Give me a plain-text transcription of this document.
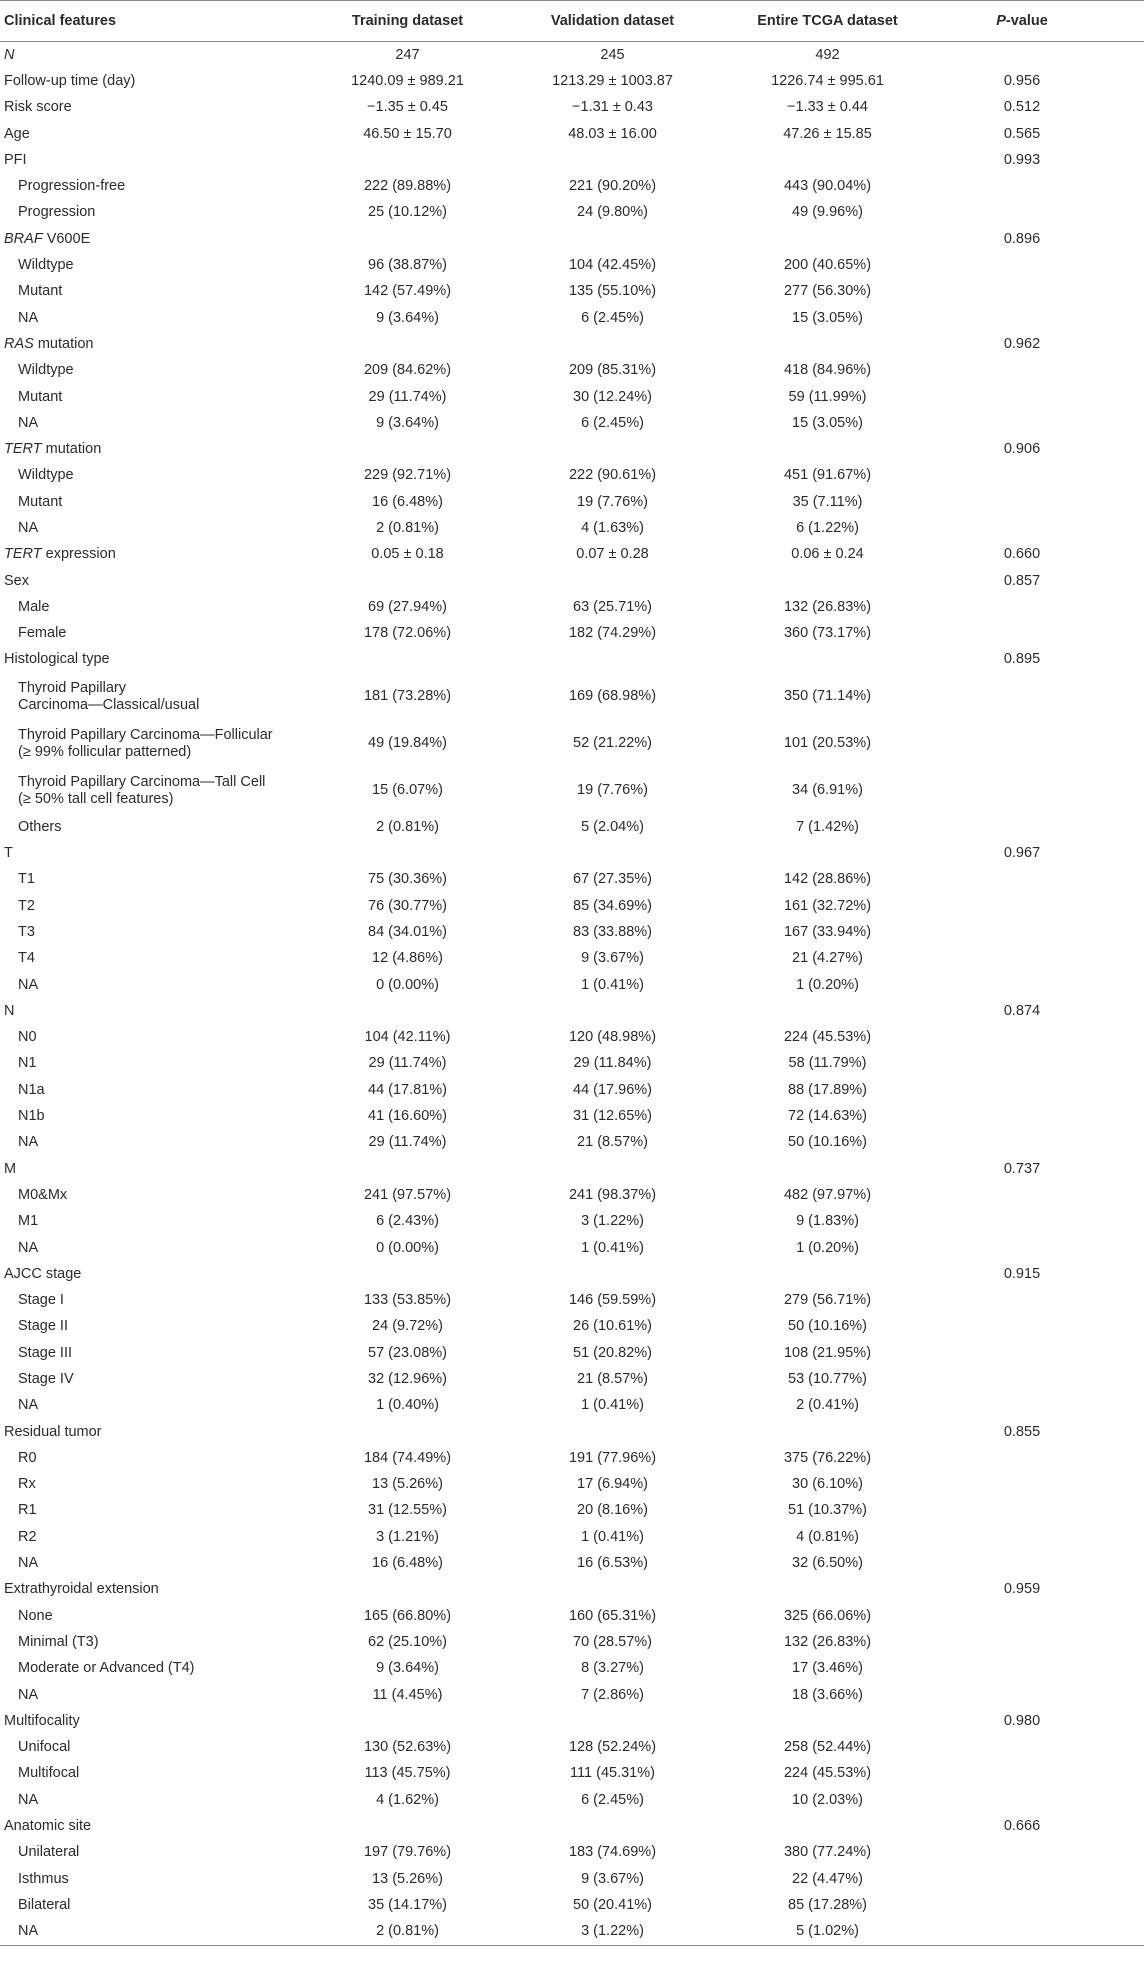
Clinical features	Training dataset	Validation dataset	Entire TCGA dataset	P-value
N	247	245	492	
Follow-up time (day)	1240.09 ± 989.21	1213.29 ± 1003.87	1226.74 ± 995.61	0.956
Risk score	−1.35 ± 0.45	−1.31 ± 0.43	−1.33 ± 0.44	0.512
Age	46.50 ± 15.70	48.03 ± 16.00	47.26 ± 15.85	0.565
PFI				0.993
Progression-free	222 (89.88%)	221 (90.20%)	443 (90.04%)	
Progression	25 (10.12%)	24 (9.80%)	49 (9.96%)	
BRAF V600E				0.896
Wildtype	96 (38.87%)	104 (42.45%)	200 (40.65%)	
Mutant	142 (57.49%)	135 (55.10%)	277 (56.30%)	
NA	9 (3.64%)	6 (2.45%)	15 (3.05%)	
RAS mutation				0.962
Wildtype	209 (84.62%)	209 (85.31%)	418 (84.96%)	
Mutant	29 (11.74%)	30 (12.24%)	59 (11.99%)	
NA	9 (3.64%)	6 (2.45%)	15 (3.05%)	
TERT mutation				0.906
Wildtype	229 (92.71%)	222 (90.61%)	451 (91.67%)	
Mutant	16 (6.48%)	19 (7.76%)	35 (7.11%)	
NA	2 (0.81%)	4 (1.63%)	6 (1.22%)	
TERT expression	0.05 ± 0.18	0.07 ± 0.28	0.06 ± 0.24	0.660
Sex				0.857
Male	69 (27.94%)	63 (25.71%)	132 (26.83%)	
Female	178 (72.06%)	182 (74.29%)	360 (73.17%)	
Histological type				0.895
Thyroid Papillary
Carcinoma—Classical/usual	181 (73.28%)	169 (68.98%)	350 (71.14%)	
Thyroid Papillary Carcinoma—Follicular
(≥ 99% follicular patterned)	49 (19.84%)	52 (21.22%)	101 (20.53%)	
Thyroid Papillary Carcinoma—Tall Cell
(≥ 50% tall cell features)	15 (6.07%)	19 (7.76%)	34 (6.91%)	
Others	2 (0.81%)	5 (2.04%)	7 (1.42%)	
T				0.967
T1	75 (30.36%)	67 (27.35%)	142 (28.86%)	
T2	76 (30.77%)	85 (34.69%)	161 (32.72%)	
T3	84 (34.01%)	83 (33.88%)	167 (33.94%)	
T4	12 (4.86%)	9 (3.67%)	21 (4.27%)	
NA	0 (0.00%)	1 (0.41%)	1 (0.20%)	
N				0.874
N0	104 (42.11%)	120 (48.98%)	224 (45.53%)	
N1	29 (11.74%)	29 (11.84%)	58 (11.79%)	
N1a	44 (17.81%)	44 (17.96%)	88 (17.89%)	
N1b	41 (16.60%)	31 (12.65%)	72 (14.63%)	
NA	29 (11.74%)	21 (8.57%)	50 (10.16%)	
M				0.737
M0&Mx	241 (97.57%)	241 (98.37%)	482 (97.97%)	
M1	6 (2.43%)	3 (1.22%)	9 (1.83%)	
NA	0 (0.00%)	1 (0.41%)	1 (0.20%)	
AJCC stage				0.915
Stage I	133 (53.85%)	146 (59.59%)	279 (56.71%)	
Stage II	24 (9.72%)	26 (10.61%)	50 (10.16%)	
Stage III	57 (23.08%)	51 (20.82%)	108 (21.95%)	
Stage IV	32 (12.96%)	21 (8.57%)	53 (10.77%)	
NA	1 (0.40%)	1 (0.41%)	2 (0.41%)	
Residual tumor				0.855
R0	184 (74.49%)	191 (77.96%)	375 (76.22%)	
Rx	13 (5.26%)	17 (6.94%)	30 (6.10%)	
R1	31 (12.55%)	20 (8.16%)	51 (10.37%)	
R2	3 (1.21%)	1 (0.41%)	4 (0.81%)	
NA	16 (6.48%)	16 (6.53%)	32 (6.50%)	
Extrathyroidal extension				0.959
None	165 (66.80%)	160 (65.31%)	325 (66.06%)	
Minimal (T3)	62 (25.10%)	70 (28.57%)	132 (26.83%)	
Moderate or Advanced (T4)	9 (3.64%)	8 (3.27%)	17 (3.46%)	
NA	11 (4.45%)	7 (2.86%)	18 (3.66%)	
Multifocality				0.980
Unifocal	130 (52.63%)	128 (52.24%)	258 (52.44%)	
Multifocal	113 (45.75%)	111 (45.31%)	224 (45.53%)	
NA	4 (1.62%)	6 (2.45%)	10 (2.03%)	
Anatomic site				0.666
Unilateral	197 (79.76%)	183 (74.69%)	380 (77.24%)	
Isthmus	13 (5.26%)	9 (3.67%)	22 (4.47%)	
Bilateral	35 (14.17%)	50 (20.41%)	85 (17.28%)	
NA	2 (0.81%)	3 (1.22%)	5 (1.02%)	
